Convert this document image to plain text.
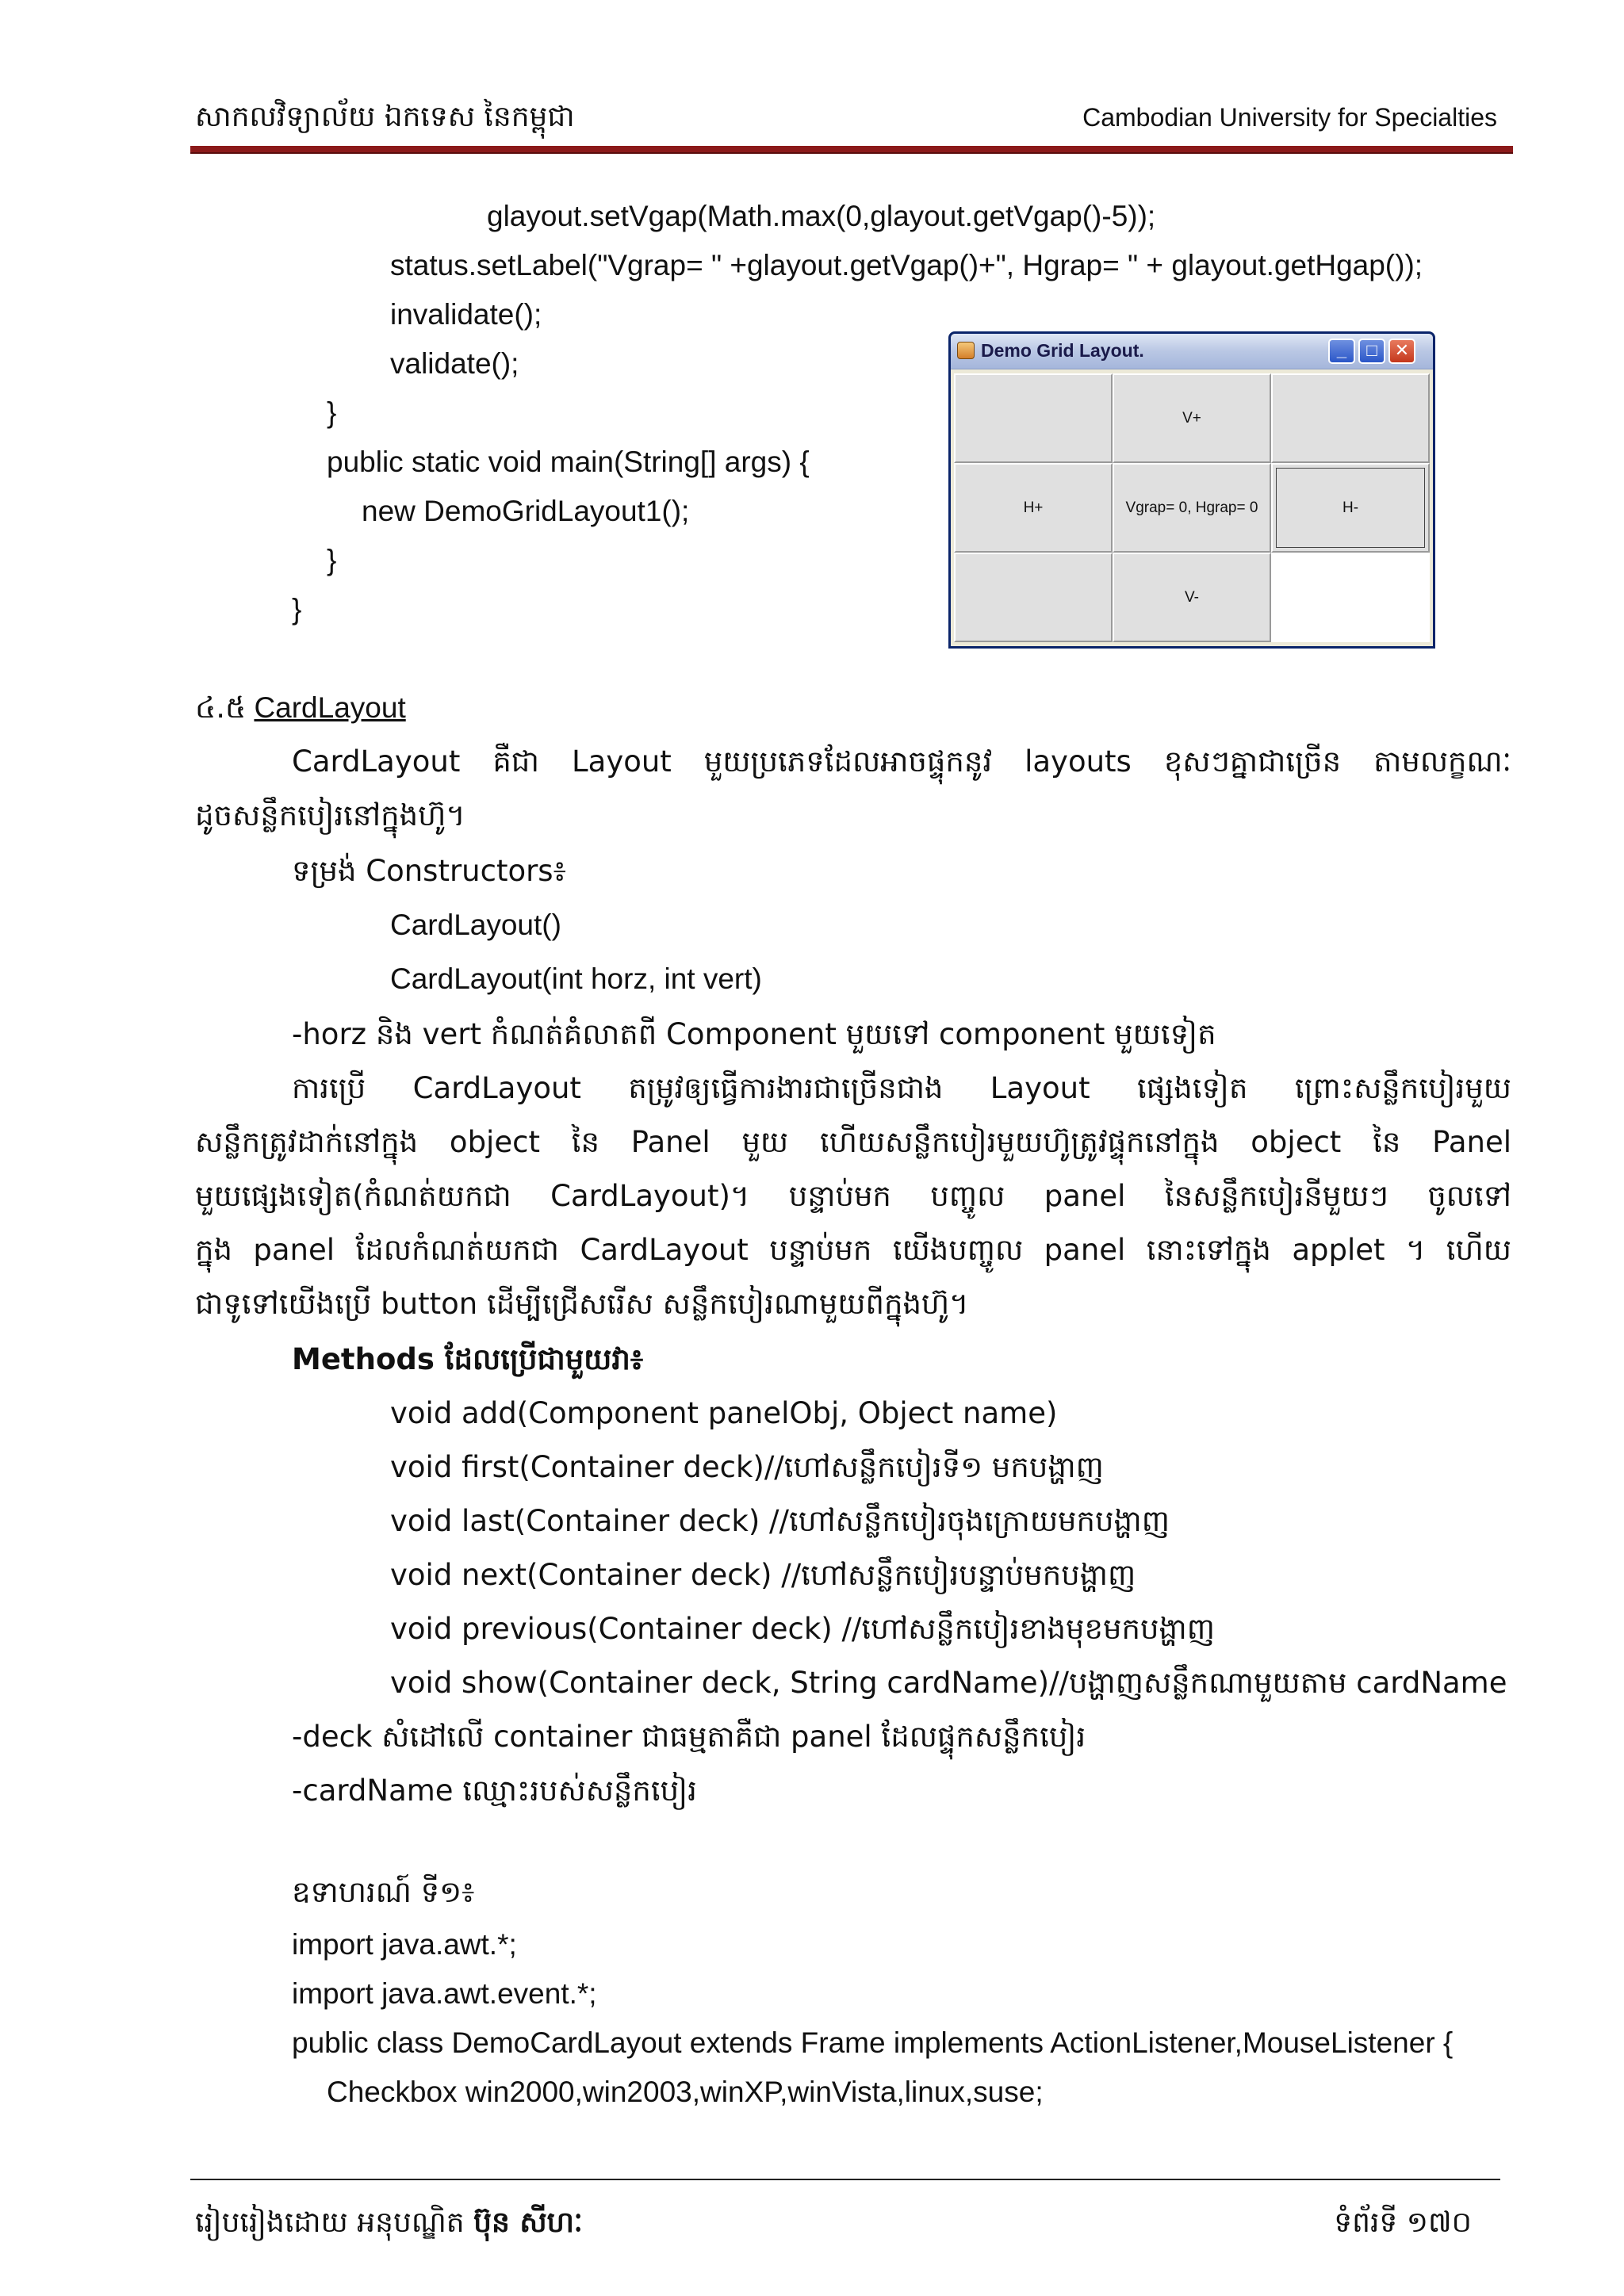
សាកលវិទ្យាល័យ ឯកទេស នៃកម្ពុជា	Cambodian University for Specialties
glayout.setVgap(Math.max(0,glayout.getVgap()-5));
status.setLabel("Vgrap= " +glayout.getVgap()+", Hgrap= " + glayout.getHgap());
invalidate();
validate();
}
public static void main(String[] args) {
new DemoGridLayout1();
}
}
Demo Grid Layout.	_	□	✕
V+
H+	Vgrap= 0, Hgrap= 0	H-
V-
៤.៥ CardLayout
CardLayout គឺជា Layout មួយប្រភេទដែលអាចផ្ទុកនូវ layouts ខុសៗគ្នាជាច្រើន តាមលក្ខណៈ
ដូចសន្លឹកបៀរនៅក្នុងហ៊ូ។
ទម្រង់ Constructors៖
CardLayout()
CardLayout(int horz, int vert)
-horz និង vert កំណត់គំលាតពី Component មួយទៅ component មួយទៀត
ការប្រើ CardLayout តម្រូវឲ្យធ្វើការងារជាច្រើនជាង Layout ផ្សេងទៀត ព្រោះសន្លឹកបៀរមួយ
សន្លឹកត្រូវដាក់នៅក្នុង object នៃ Panel មួយ ហើយសន្លឹកបៀរមួយហ៊ូត្រូវផ្ទុកនៅក្នុង object នៃ Panel
មួយផ្សេងទៀត(កំណត់យកជា CardLayout)។ បន្ទាប់មក បញ្ចូល panel នៃសន្លឹកបៀរនីមួយៗ ចូលទៅ
ក្នុង panel ដែលកំណត់យកជា CardLayout បន្ទាប់មក យើងបញ្ចូល panel នោះទៅក្នុង applet ។ ហើយ
ជាទូទៅយើងប្រើ button ដើម្បីជ្រើសរើស សន្លឹកបៀរណាមួយពីក្នុងហ៊ូ។
Methods ដែលប្រើជាមួយវា៖
void add(Component panelObj, Object name)
void first(Container deck)//ហៅសន្លឹកបៀរទី១ មកបង្ហាញ
void last(Container deck) //ហៅសន្លឹកបៀរចុងក្រោយមកបង្ហាញ
void next(Container deck) //ហៅសន្លឹកបៀរបន្ទាប់មកបង្ហាញ
void previous(Container deck) //ហៅសន្លឹកបៀរខាងមុខមកបង្ហាញ
void show(Container deck, String cardName)//បង្ហាញសន្លឹកណាមួយតាម cardName
-deck សំដៅលើ container ជាធម្មតាគឺជា panel ដែលផ្ទុកសន្លឹកបៀរ
-cardName ឈ្មោះរបស់សន្លឹកបៀរ
ឧទាហរណ៍ ទី១៖
import java.awt.*;
import java.awt.event.*;
public class DemoCardLayout extends Frame implements ActionListener,MouseListener {
Checkbox win2000,win2003,winXP,winVista,linux,suse;
រៀបរៀងដោយ អនុបណ្ឌិត ប៊ុន សីហៈ	ទំព័រទី ១៧០
